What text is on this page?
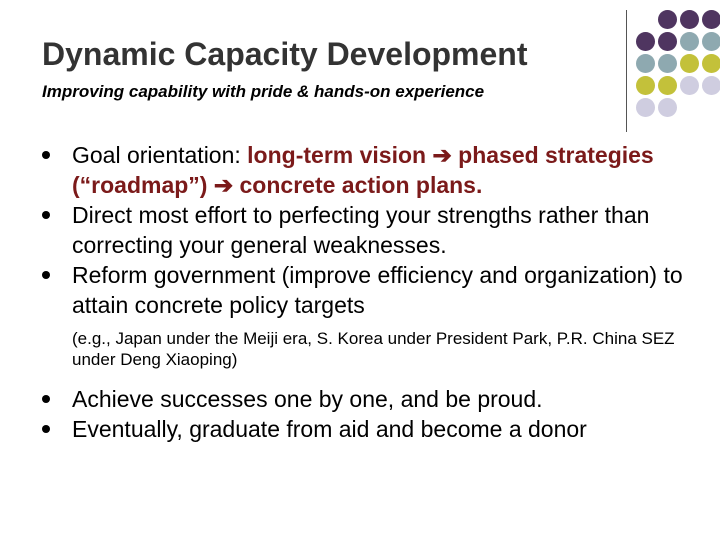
Dynamic Capacity Development
Improving capability with pride & hands-on experience
Goal orientation: long-term vision ➔ phased strategies (“roadmap”) ➔ concrete action plans.
Direct most effort to perfecting your strengths rather than correcting your general weaknesses.
Reform government (improve efficiency and organization) to attain concrete policy targets
(e.g., Japan under the Meiji era, S. Korea under President Park, P.R. China SEZ under Deng Xiaoping)
Achieve successes one by one, and be proud.
Eventually, graduate from aid and become a donor
